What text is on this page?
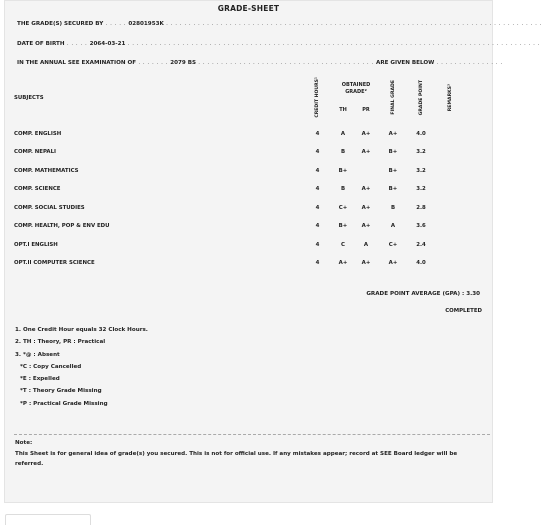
GRADE-SHEET
THE GRADE(S) SECURED BY . . . . . 02801953K . . . . . . . . . . . . . . . . . . . . . . . . . . . . . . . . . . . . . . . . . . . . . . . . . . . . . . . . . . . . . . . . . . . . . . . . . . . . . . . . . . .
DATE OF BIRTH . . . . . 2064-03-21 . . . . . . . . . . . . . . . . . . . . . . . . . . . . . . . . . . . . . . . . . . . . . . . . . . . . . . . . . . . . . . . . . . . . . . . . . . . . . . . . . . . . . . . . . . .
IN THE ANNUAL SEE EXAMINATION OF . . . . . . . 2079 BS . . . . . . . . . . . . . . . . . . . . . . . . . . . . . . . . . . . . . . . ARE GIVEN BELOW . . . . . . . . . . . . . . .
SUBJECTS	CREDIT HOURS¹	OBTAINED GRADE²		FINAL GRADE	GRADE POINT	REMARKS³	
		TH	PR				

COMP. ENGLISH	4	A	A+	A+	4.0		
COMP. NEPALI	4	B	A+	B+	3.2		
COMP. MATHEMATICS	4	B+		B+	3.2		
COMP. SCIENCE	4	B	A+	B+	3.2		
COMP. SOCIAL STUDIES	4	C+	A+	B	2.8		
COMP. HEALTH, POP & ENV EDU	4	B+	A+	A	3.6		
OPT.I ENGLISH	4	C	A	C+	2.4		
OPT.II COMPUTER SCIENCE	4	A+	A+	A+	4.0		
GRADE POINT AVERAGE (GPA) : 3.30
COMPLETED
1. One Credit Hour equals 32 Clock Hours.
2. TH : Theory, PR : Practical
3. *@ : Absent
*C : Copy Cancelled
*E : Expelled
*T : Theory Grade Missing
*P : Practical Grade Missing
Note:
This Sheet is for general idea of grade(s) you secured. This is not for official use. If any mistakes appear; record at SEE Board ledger will be referred.
